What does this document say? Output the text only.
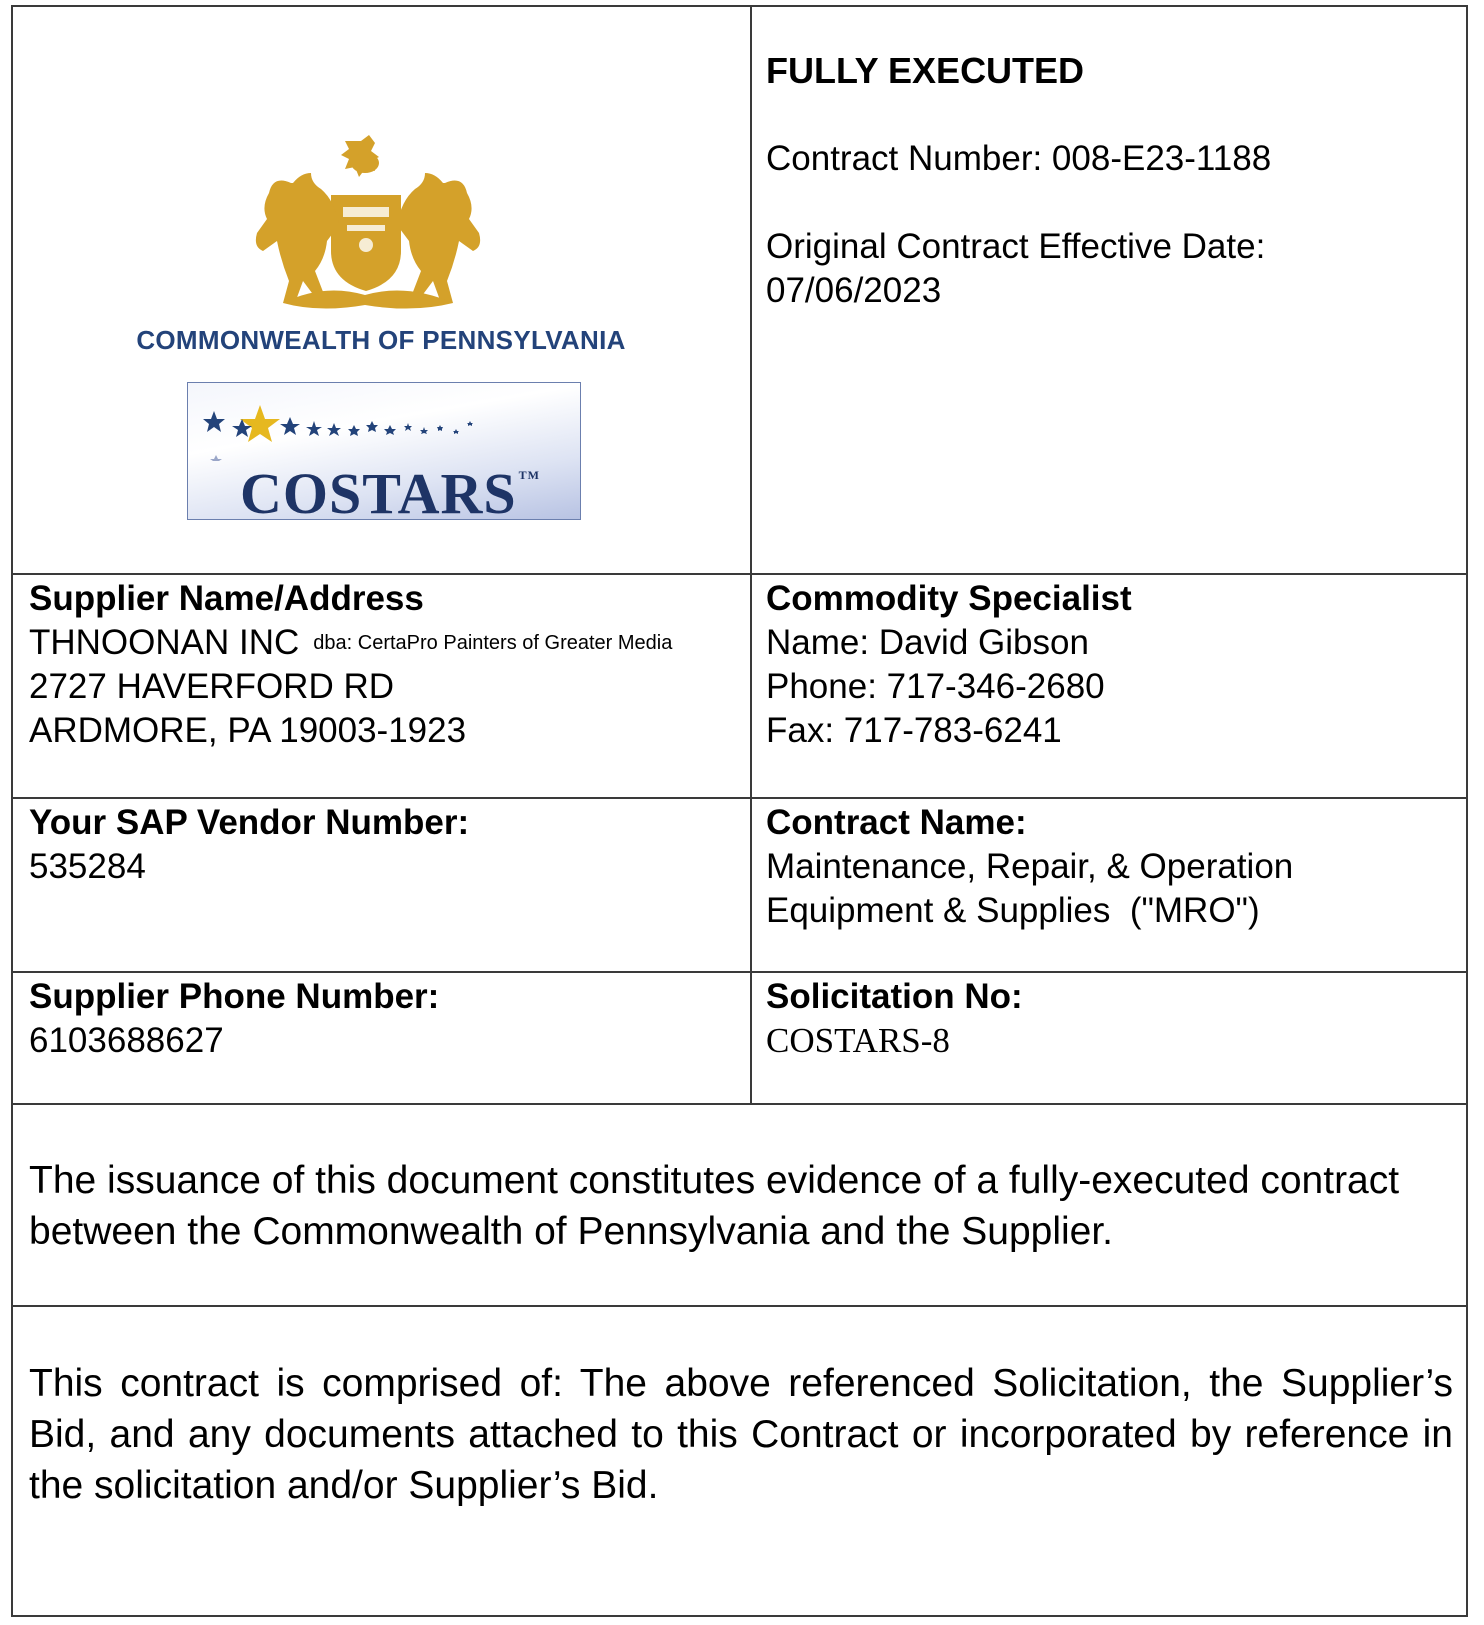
COMMONWEALTH OF PENNSYLVANIA
COSTARS ™
FULLY EXECUTED
Contract Number: 008-E23-1188
Original Contract Effective Date:
07/06/2023
Supplier Name/Address
THNOONAN INC dba: CertaPro Painters of Greater Media
2727 HAVERFORD RD
ARDMORE, PA 19003-1923
Commodity Specialist
Name: David Gibson
Phone: 717-346-2680
Fax: 717-783-6241
Your SAP Vendor Number:
535284
Contract Name:
Maintenance, Repair, & Operation
Equipment & Supplies  ("MRO")
Supplier Phone Number:
6103688627
Solicitation No:
COSTARS-8
The issuance of this document constitutes evidence of a fully-executed contract between the Commonwealth of Pennsylvania and the Supplier.
This contract is comprised of: The above referenced Solicitation, the Supplier’s Bid, and any documents attached to this Contract or incorporated by reference in the solicitation and/or Supplier’s Bid.
